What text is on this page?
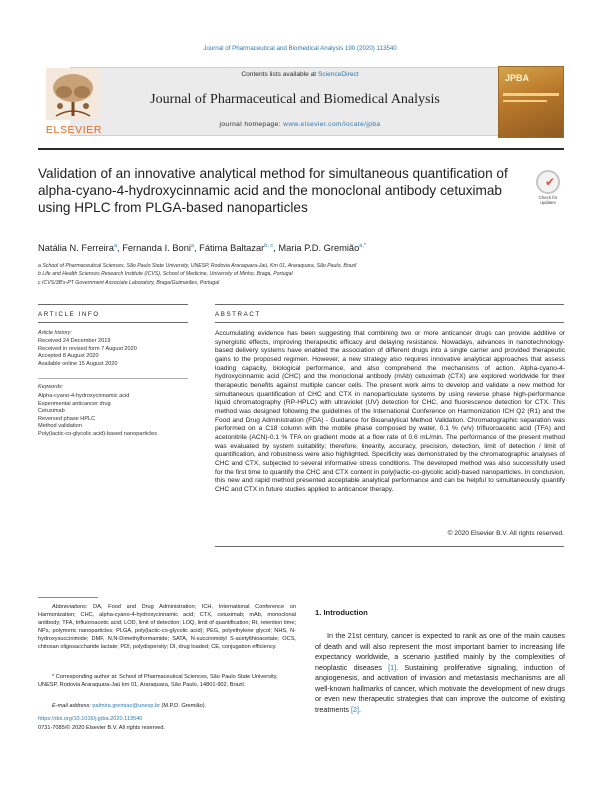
Journal of Pharmaceutical and Biomedical Analysis 190 (2020) 113540
ELSEVIER
Contents lists available at ScienceDirect
Journal of Pharmaceutical and Biomedical Analysis
journal homepage: www.elsevier.com/locate/jpba
JPBA
Validation of an innovative analytical method for simultaneous quantification of alpha-cyano-4-hydroxycinnamic acid and the monoclonal antibody cetuximab using HPLC from PLGA-based nanoparticles
✔
Check for updates
Natália N. Ferreira$^a$, Fernanda I. Boni$^a$, Fátima Baltazar$^{b, c}$, Maria P.D. Gremião$^{a,*}$
a School of Pharmaceutical Sciences, São Paulo State University, UNESP, Rodovia Araraquara-Jaú, Km 01, Araraquara, São Paulo, Brazil
b Life and Health Sciences Research Institute (ICVS), School of Medicine, University of Minho, Braga, Portugal
c ICVS/3B's-PT Government Associate Laboratory, Braga/Guimarães, Portugal
ARTICLE INFO	ABSTRACT
Article history:
Received 24 December 2019
Received in revised form 7 August 2020
Accepted 8 August 2020
Available online 15 August 2020
Keywords:
Alpha-cyano-4-hydroxycinnamic acid
Experimental anticancer drug
Cetuximab
Reversed phase HPLC
Method validation
Poly(lactic-co-glycolic acid)-based nanoparticles
Accumulating evidence has been suggesting that combining two or more anticancer drugs can provide additive or synergistic effects, improving therapeutic efficacy and delaying resistance. Nowadays, advances in nanotechnology-based delivery systems have enabled the association of different drugs into a single carrier and provided therapeutic gains to the proposed regimen. However, a new strategy also requires innovative analytical approaches that assess loading capacity, biological performance, and also comprehend the mechanisms of action. Alpha-cyano-4-hydroxycinnamic acid (CHC) and the monoclonal antibody (mAb) cetuximab (CTX) are explored worldwide for their therapeutic benefits against multiple cancer cells. The present work aims to develop and validate a new method for simultaneous quantification of CHC and CTX in nanoparticulate systems by using reverse phase high-performance liquid chromatography (RP-HPLC) with ultraviolet (UV) detection for CHC, and fluorescence detection for CTX. This method was designed following the guidelines of the International Conference on Harmonization ICH Q2 (R1) and the Food and Drug Administration (FDA) - Guidance for Bioanalytical Method Validation. Chromatographic separation was performed on a C18 column with the mobile phase composed by water, 0.1 % (v/v) trifluoroacetic acid (TFA) and acetonitrile (ACN)-0.1 % TFA on gradient mode at a flow rate of 0.6 mL/min. The performance of the present method was evaluated by system suitability; therefore, linearity, accuracy, precision, detection, limit of detection / limit of quantification, and robustness were also highlighted. Specificity was demonstrated by the chromatographic analyses of CHC and CTX, subjected to several informative stress conditions. The developed method was also successfully used for the first time to quantify the CHC and CTX content in poly(lactic-co-glycolic acid)-based nanoparticles. In conclusion, this new and rapid method presented acceptable analytical performance and can be helpful to simultaneously quantify CHC and CTX in future studies applied to anticancer therapy.
© 2020 Elsevier B.V. All rights reserved.
Abbreviations: DA, Food and Drug Administration; ICH, International Conference on Harmonization; CHC, alpha-cyano-4-hydroxycinnamic acid; CTX, cetuximab; mAb, monoclonal antibody; TFA, trifluoroacetic acid; LOD, limit of detection; LOQ, limit of quantification; Rt, retention time; NPs, polymeric nanoparticles; PLGA, poly(lactic-co-glycolic acid); PEG, polyethylene glycol; NHS, N-hydroxysuccinimide; DMF, N,N-Dimethylformamide; SATA, N-succinimidyl S-acetylthioacetate; OCS, chitosan oligosaccharide lactate; PDI, polydispersity; DI, drug loaded; CE, conjugation efficiency.
* Corresponding author at: School of Pharmaceutical Sciences, São Paulo State University, UNESP, Rodovia Araraquara-Jaú km 01, Araraquara, São Paulo, 14801-902, Brazil.
E-mail address: palmira.gremiao@unesp.br (M.P.D. Gremião).
https://doi.org/10.1016/j.jpba.2020.113540
0731-7085/© 2020 Elsevier B.V. All rights reserved.
1. Introduction
In the 21st century, cancer is expected to rank as one of the main causes of death and will also represent the most important barrier to increasing life expectancy worldwide, a scenario justified mainly by the complexities of neoplastic diseases [1]. Sustaining proliferative signaling, induction of angiogenesis, and activation of invasion and metastasis mechanisms are all well-known hallmarks of cancer, which motivate the development of new drugs or even new therapeutic strategies that can improve the outcome of existing treatments [2].
